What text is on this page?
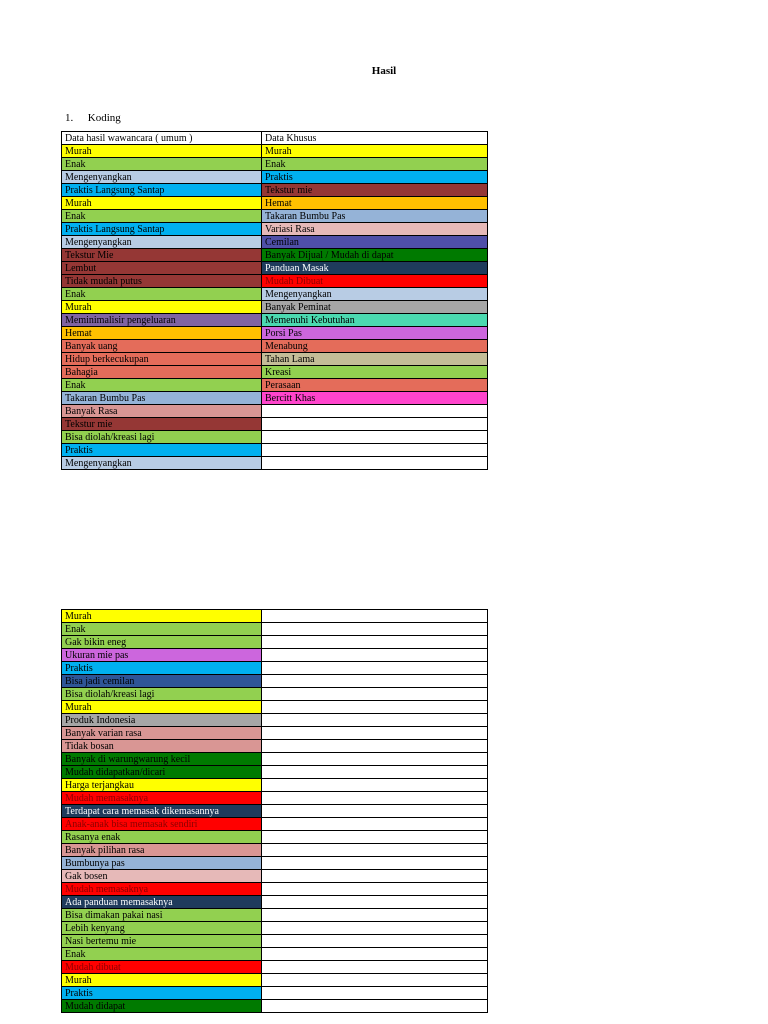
Hasil
1. Koding
Data hasil wawancara ( umum )	Data Khusus
Murah	Murah
Enak	Enak
Mengenyangkan	Praktis
Praktis Langsung Santap	Tekstur mie
Murah	Hemat
Enak	Takaran Bumbu Pas
Praktis Langsung Santap	Variasi Rasa
Mengenyangkan	Cemilan
Tekstur Mie	Banyak Dijual / Mudah di dapat
Lembut	Panduan Masak
Tidak mudah putus	Mudah Dibuat
Enak	Mengenyangkan
Murah	Banyak Peminat
Meminimalisir pengeluaran	Memenuhi Kebutuhan
Hemat	Porsi Pas
Banyak uang	Menabung
Hidup berkecukupan	Tahan Lama
Bahagia	Kreasi
Enak	Perasaan
Takaran Bumbu Pas	Bercitt Khas
Banyak Rasa	
Tekstur mie	
Bisa diolah/kreasi lagi	
Praktis	
Mengenyangkan	
Murah	
Enak	
Gak bikin eneg	
Ukuran mie pas	
Praktis	
Bisa jadi cemilan	
Bisa diolah/kreasi lagi	
Murah	
Produk Indonesia	
Banyak varian rasa	
Tidak bosan	
Banyak di warungwarung kecil	
Mudah didapatkan/dicari	
Harga terjangkau	
Mudah memasaknya	
Terdapat cara memasak dikemasannya	
Anak-anak bisa memasak sendiri	
Rasanya enak	
Banyak pilihan rasa	
Bumbunya pas	
Gak bosen	
Mudah memasaknya	
Ada panduan memasaknya	
Bisa dimakan pakai nasi	
Lebih kenyang	
Nasi bertemu mie	
Enak	
Mudah dibuat	
Murah	
Praktis	
Mudah didapat	
